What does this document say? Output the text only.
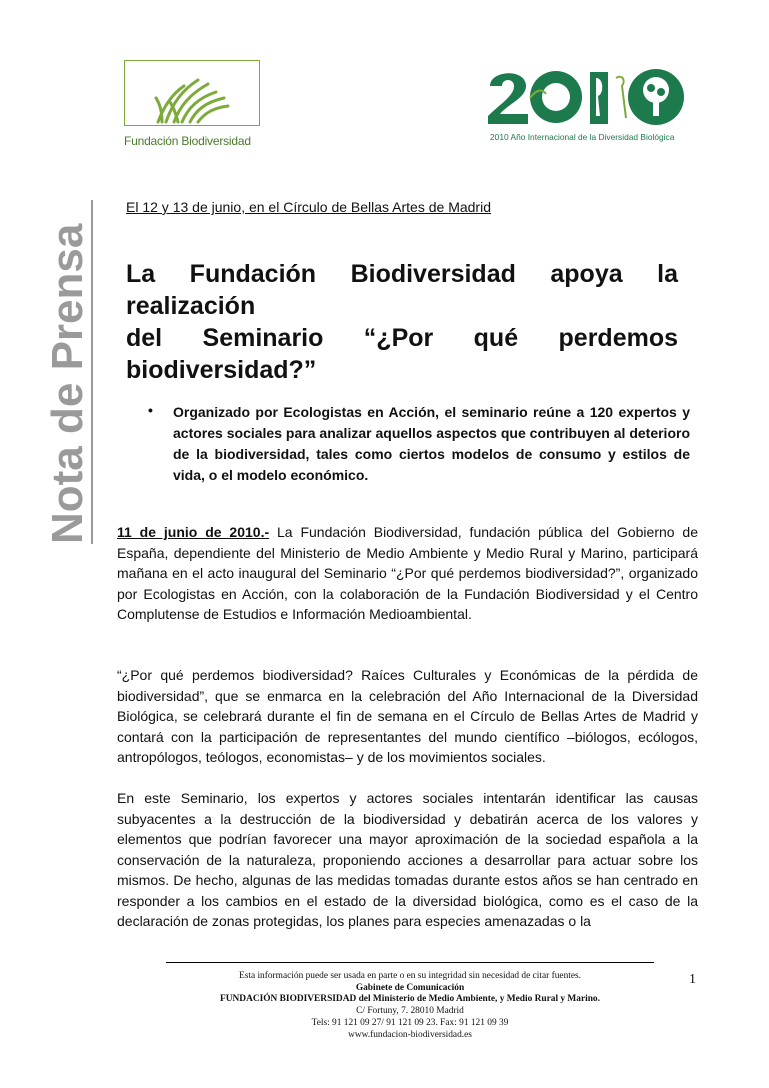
Fundación Biodiversidad	2010 Año Internacional de la Diversidad Biológica
Nota de Prensa
El 12 y 13 de junio, en el Círculo de Bellas Artes de Madrid
La Fundación Biodiversidad apoya la realización
del Seminario “¿Por qué perdemos
biodiversidad?”
• Organizado por Ecologistas en Acción, el seminario reúne a 120 expertos y actores sociales para analizar aquellos aspectos que contribuyen al deterioro de la biodiversidad, tales como ciertos modelos de consumo y estilos de vida, o el modelo económico.
11 de junio de 2010.- La Fundación Biodiversidad, fundación pública del Gobierno de España, dependiente del Ministerio de Medio Ambiente y Medio Rural y Marino, participará mañana en el acto inaugural del Seminario “¿Por qué perdemos biodiversidad?”, organizado por Ecologistas en Acción, con la colaboración de la Fundación Biodiversidad y el Centro Complutense de Estudios e Información Medioambiental.
“¿Por qué perdemos biodiversidad? Raíces Culturales y Económicas de la pérdida de biodiversidad”, que se enmarca en la celebración del Año Internacional de la Diversidad Biológica, se celebrará durante el fin de semana en el Círculo de Bellas Artes de Madrid y contará con la participación de representantes del mundo científico –biólogos, ecólogos, antropólogos, teólogos, economistas– y de los movimientos sociales.
En este Seminario, los expertos y actores sociales intentarán identificar las causas subyacentes a la destrucción de la biodiversidad y debatirán acerca de los valores y elementos que podrían favorecer una mayor aproximación de la sociedad española a la conservación de la naturaleza, proponiendo acciones a desarrollar para actuar sobre los mismos. De hecho, algunas de las medidas tomadas durante estos años se han centrado en responder a los cambios en el estado de la diversidad biológica, como es el caso de la declaración de zonas protegidas, los planes para especies amenazadas o la
Esta información puede ser usada en parte o en su integridad sin necesidad de citar fuentes.
Gabinete de Comunicación
FUNDACIÓN BIODIVERSIDAD del Ministerio de Medio Ambiente, y Medio Rural y Marino.
C/ Fortuny, 7. 28010 Madrid
Tels: 91 121 09 27/ 91 121 09 23. Fax: 91 121 09 39
www.fundacion-biodiversidad.es
1
